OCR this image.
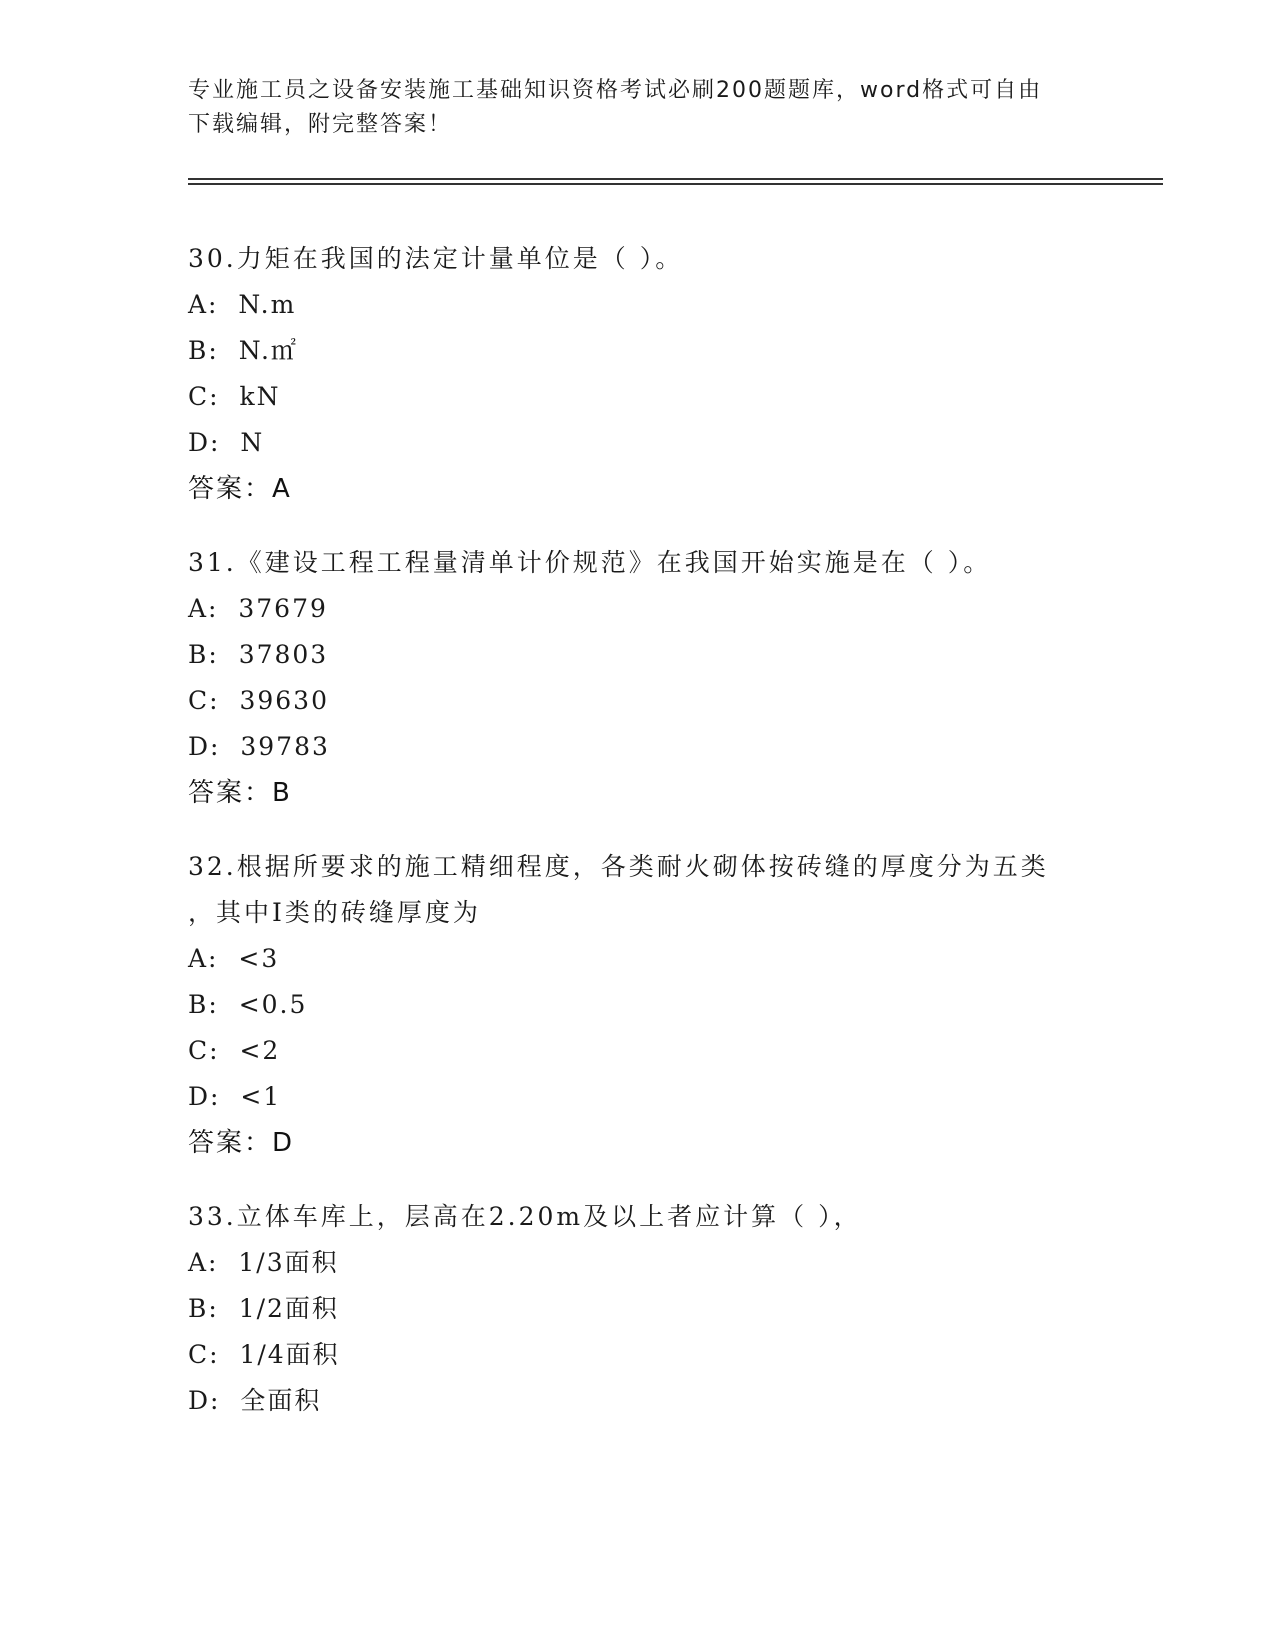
专业施工员之设备安装施工基础知识资格考试必刷200题题库，word格式可自由
下载编辑，附完整答案！
30.力矩在我国的法定计量单位是（ ）。
A:  N.m
B:  N.㎡
C:  kN
D:  N
答案：A
31.《建设工程工程量清单计价规范》在我国开始实施是在（ ）。
A:  37679
B:  37803
C:  39630
D:  39783
答案：B
32.根据所要求的施工精细程度，各类耐火砌体按砖缝的厚度分为五类
，其中Ⅰ类的砖缝厚度为
A:  <3
B:  <0.5
C:  <2
D:  <1
答案：D
33.立体车库上，层高在2.20m及以上者应计算（ ），
A:  1/3面积
B:  1/2面积
C:  1/4面积
D:  全面积
